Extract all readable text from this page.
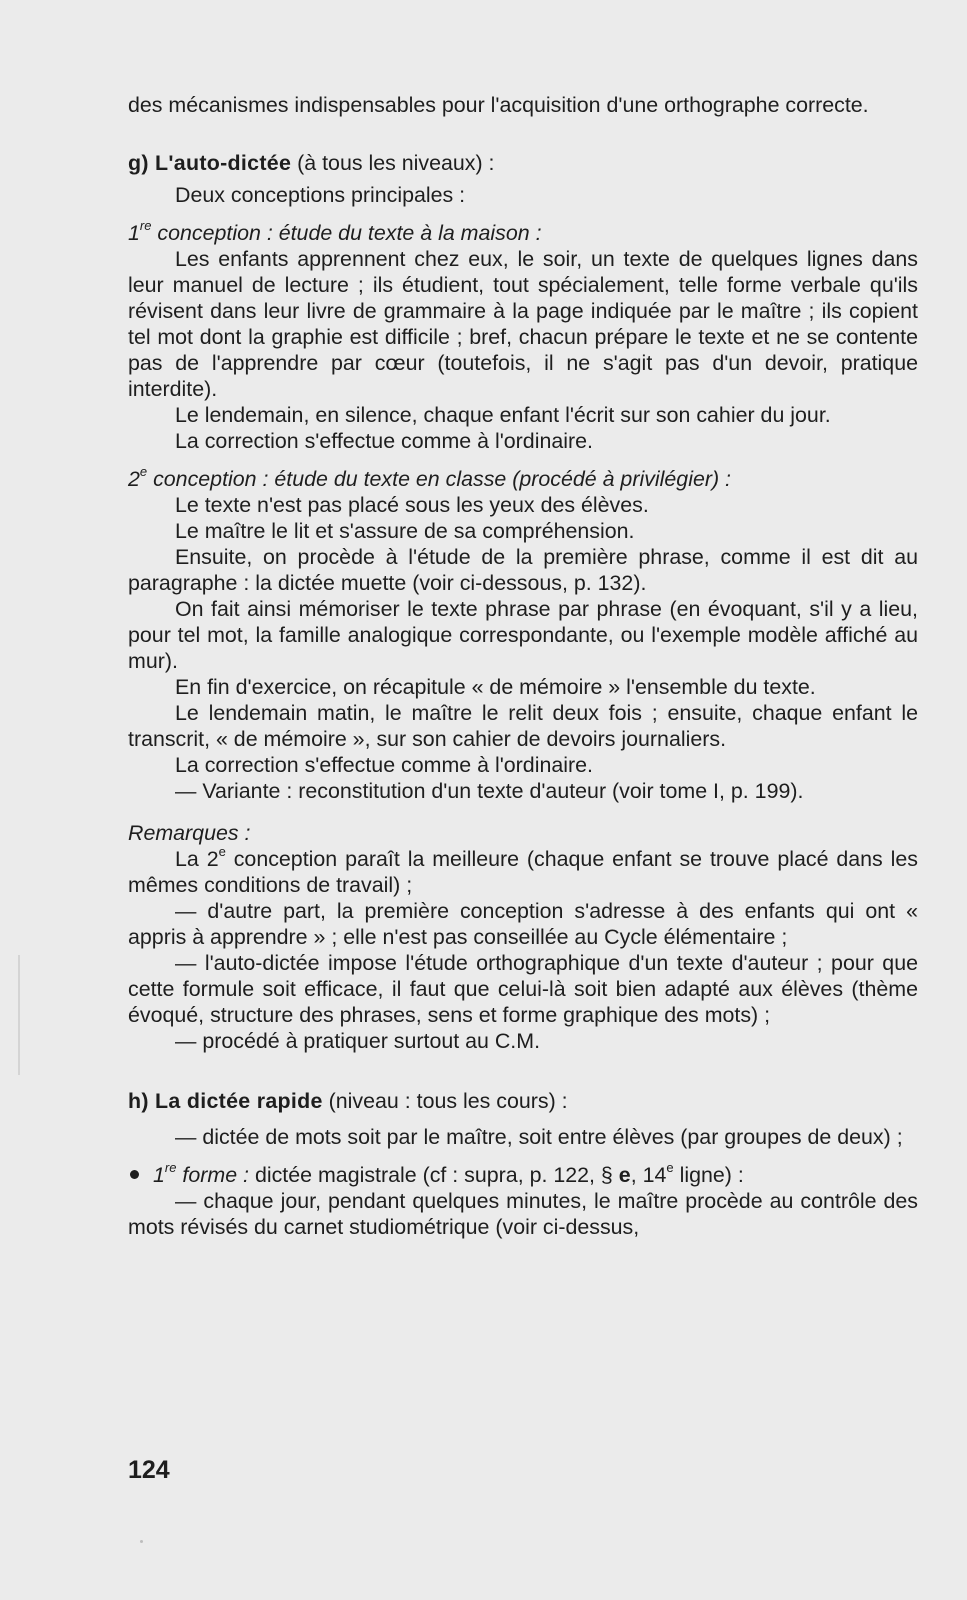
des mécanismes indispensables pour l'acquisition d'une orthographe correcte.

g) L'auto-dictée (à tous les niveaux) :

Deux conceptions principales :

1re conception : étude du texte à la maison :

Les enfants apprennent chez eux, le soir, un texte de quelques lignes dans leur manuel de lecture ; ils étudient, tout spécialement, telle forme verbale qu'ils révisent dans leur livre de grammaire à la page indiquée par le maître ; ils copient tel mot dont la graphie est difficile ; bref, chacun prépare le texte et ne se contente pas de l'apprendre par cœur (toutefois, il ne s'agit pas d'un devoir, pratique interdite).

Le lendemain, en silence, chaque enfant l'écrit sur son cahier du jour.

La correction s'effectue comme à l'ordinaire.

2e conception : étude du texte en classe (procédé à privilégier) :

Le texte n'est pas placé sous les yeux des élèves.

Le maître le lit et s'assure de sa compréhension.

Ensuite, on procède à l'étude de la première phrase, comme il est dit au paragraphe : la dictée muette (voir ci-dessous, p. 132).

On fait ainsi mémoriser le texte phrase par phrase (en évoquant, s'il y a lieu, pour tel mot, la famille analogique correspondante, ou l'exemple modèle affiché au mur).

En fin d'exercice, on récapitule « de mémoire » l'ensemble du texte.

Le lendemain matin, le maître le relit deux fois ; ensuite, chaque enfant le transcrit, « de mémoire », sur son cahier de devoirs journaliers.

La correction s'effectue comme à l'ordinaire.

— Variante : reconstitution d'un texte d'auteur (voir tome I, p. 199).

Remarques :

La 2e conception paraît la meilleure (chaque enfant se trouve placé dans les mêmes conditions de travail) ;

— d'autre part, la première conception s'adresse à des enfants qui ont « appris à apprendre » ; elle n'est pas conseillée au Cycle élémentaire ;

— l'auto-dictée impose l'étude orthographique d'un texte d'auteur ; pour que cette formule soit efficace, il faut que celui-là soit bien adapté aux élèves (thème évoqué, structure des phrases, sens et forme graphique des mots) ;

— procédé à pratiquer surtout au C.M.

h) La dictée rapide (niveau : tous les cours) :

— dictée de mots soit par le maître, soit entre élèves (par groupes de deux) ;

1re forme : dictée magistrale (cf : supra, p. 122, § e, 14e ligne) :

— chaque jour, pendant quelques minutes, le maître procède au contrôle des mots révisés du carnet studiométrique (voir ci-dessus,

124
